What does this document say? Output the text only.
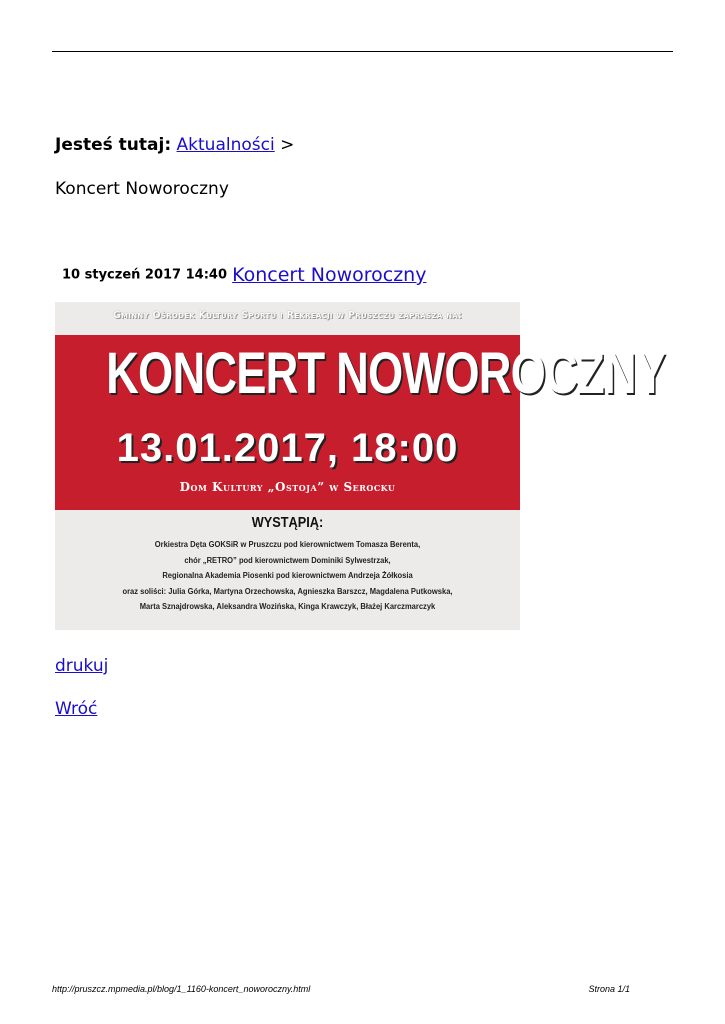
Jesteś tutaj: Aktualności >
Koncert Noworoczny
10 styczeń 2017 14:40 Koncert Noworoczny
Gminny Ośrodek Kultury Sportu i Rekreacji w Pruszczu zaprasza na:
KONCERT NOWOROCZNY
13.01.2017, 18:00
Dom Kultury „Ostoja” w Serocku
WYSTĄPIĄ:
Orkiestra Dęta GOKSiR w Pruszczu pod kierownictwem Tomasza Berenta,
chór „RETRO” pod kierownictwem Dominiki Sylwestrzak,
Regionalna Akademia Piosenki pod kierownictwem Andrzeja Żółkosia
oraz soliści: Julia Górka, Martyna Orzechowska, Agnieszka Barszcz, Magdalena Putkowska,
Marta Sznajdrowska, Aleksandra Wozińska, Kinga Krawczyk, Błażej Karczmarczyk
drukuj
Wróć
http://pruszcz.mpmedia.pl/blog/1_1160-koncert_noworoczny.html	Strona 1/1
